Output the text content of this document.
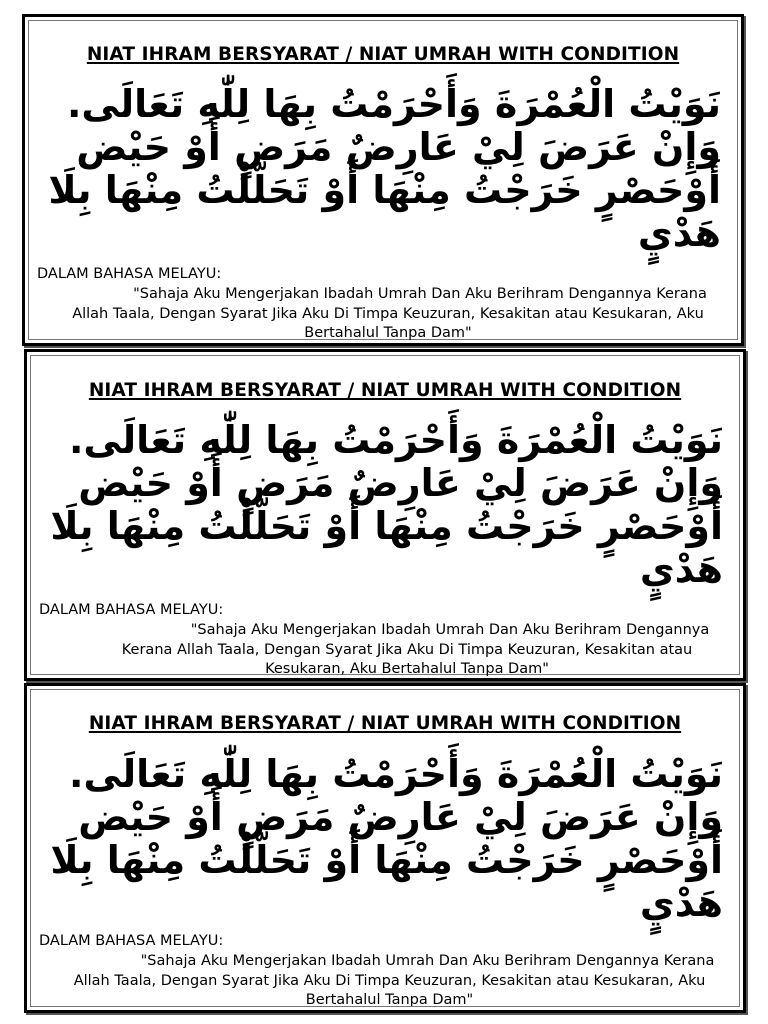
NIAT IHRAM BERSYARAT / NIAT UMRAH WITH CONDITION
نَوَيْتُ الْعُمْرَةَ وَأَحْرَمْتُ بِهَا لِلّٰهِ تَعَالَى.
وَإِنْ عَرَضَ لِيْ عَارِضٌ مَرَضٍ أَوْ حَيْض
أَوْحَصْرٍ خَرَجْتُ مِنْهَا أَوْ تَحَلَّلْتُ مِنْهَا بِلَا
هَدْيٍ
DALAM BAHASA MELAYU:
"Sahaja Aku Mengerjakan Ibadah Umrah Dan Aku Berihram Dengannya Kerana Allah Taala, Dengan Syarat Jika Aku Di Timpa Keuzuran, Kesakitan atau Kesukaran, Aku Bertahalul Tanpa Dam"
NIAT IHRAM BERSYARAT / NIAT UMRAH WITH CONDITION
نَوَيْتُ الْعُمْرَةَ وَأَحْرَمْتُ بِهَا لِلّٰهِ تَعَالَى.
وَإِنْ عَرَضَ لِيْ عَارِضٌ مَرَضٍ أَوْ حَيْض
أَوْحَصْرٍ خَرَجْتُ مِنْهَا أَوْ تَحَلَّلْتُ مِنْهَا بِلَا
هَدْيٍ
DALAM BAHASA MELAYU:
"Sahaja Aku Mengerjakan Ibadah Umrah Dan Aku Berihram Dengannya Kerana Allah Taala, Dengan Syarat Jika Aku Di Timpa Keuzuran, Kesakitan atau Kesukaran, Aku Bertahalul Tanpa Dam"
NIAT IHRAM BERSYARAT / NIAT UMRAH WITH CONDITION
نَوَيْتُ الْعُمْرَةَ وَأَحْرَمْتُ بِهَا لِلّٰهِ تَعَالَى.
وَإِنْ عَرَضَ لِيْ عَارِضٌ مَرَضٍ أَوْ حَيْض
أَوْحَصْرٍ خَرَجْتُ مِنْهَا أَوْ تَحَلَّلْتُ مِنْهَا بِلَا
هَدْيٍ
DALAM BAHASA MELAYU:
"Sahaja Aku Mengerjakan Ibadah Umrah Dan Aku Berihram Dengannya Kerana Allah Taala, Dengan Syarat Jika Aku Di Timpa Keuzuran, Kesakitan atau Kesukaran, Aku Bertahalul Tanpa Dam"
